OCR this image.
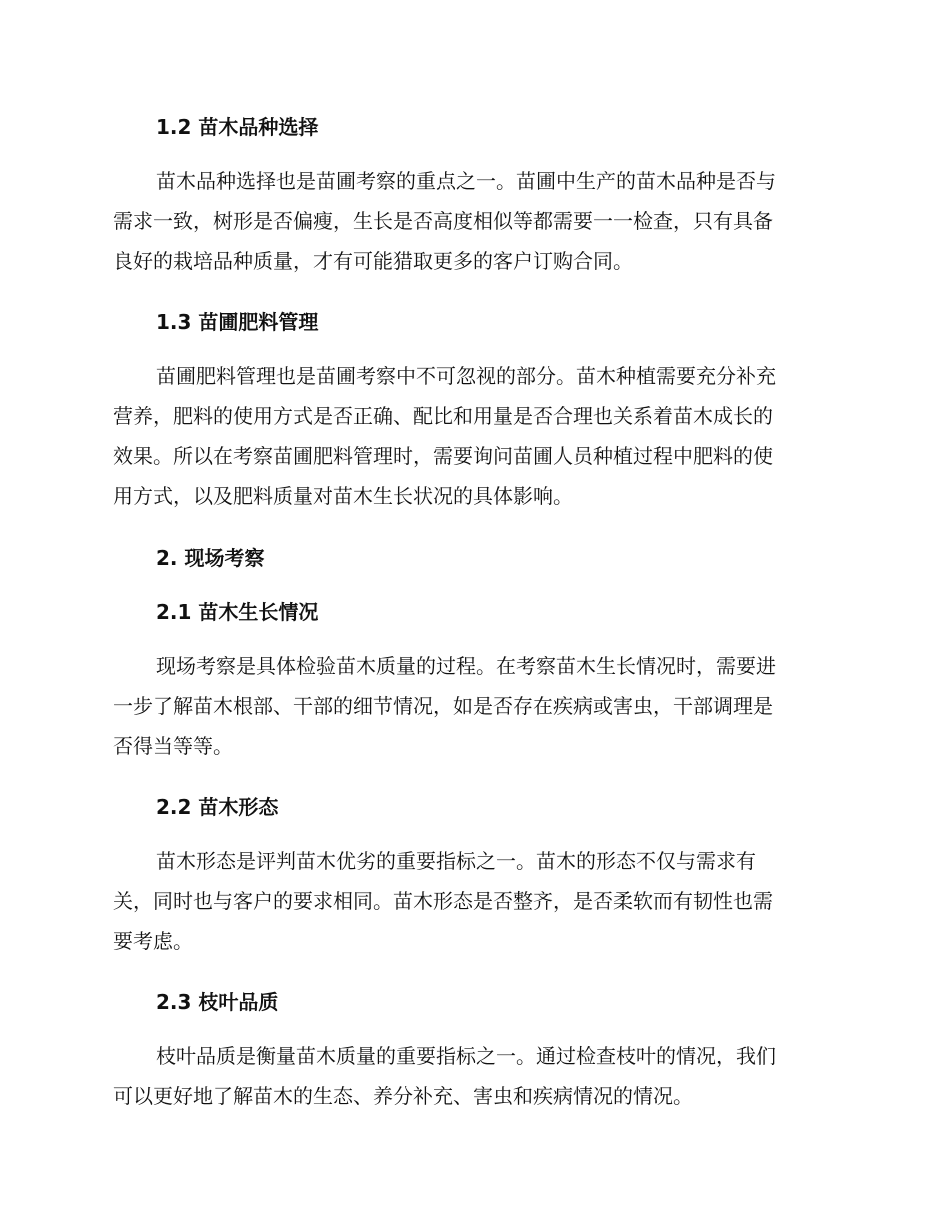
1.2 苗木品种选择
苗木品种选择也是苗圃考察的重点之一。苗圃中生产的苗木品种是否与
需求一致，树形是否偏瘦，生长是否高度相似等都需要一一检查，只有具备
良好的栽培品种质量，才有可能猎取更多的客户订购合同。
1.3 苗圃肥料管理
苗圃肥料管理也是苗圃考察中不可忽视的部分。苗木种植需要充分补充
营养，肥料的使用方式是否正确、配比和用量是否合理也关系着苗木成长的
效果。所以在考察苗圃肥料管理时，需要询问苗圃人员种植过程中肥料的使
用方式，以及肥料质量对苗木生长状况的具体影响。
2. 现场考察
2.1 苗木生长情况
现场考察是具体检验苗木质量的过程。在考察苗木生长情况时，需要进
一步了解苗木根部、干部的细节情况，如是否存在疾病或害虫，干部调理是
否得当等等。
2.2 苗木形态
苗木形态是评判苗木优劣的重要指标之一。苗木的形态不仅与需求有
关，同时也与客户的要求相同。苗木形态是否整齐，是否柔软而有韧性也需
要考虑。
2.3 枝叶品质
枝叶品质是衡量苗木质量的重要指标之一。通过检查枝叶的情况，我们
可以更好地了解苗木的生态、养分补充、害虫和疾病情况的情况。
